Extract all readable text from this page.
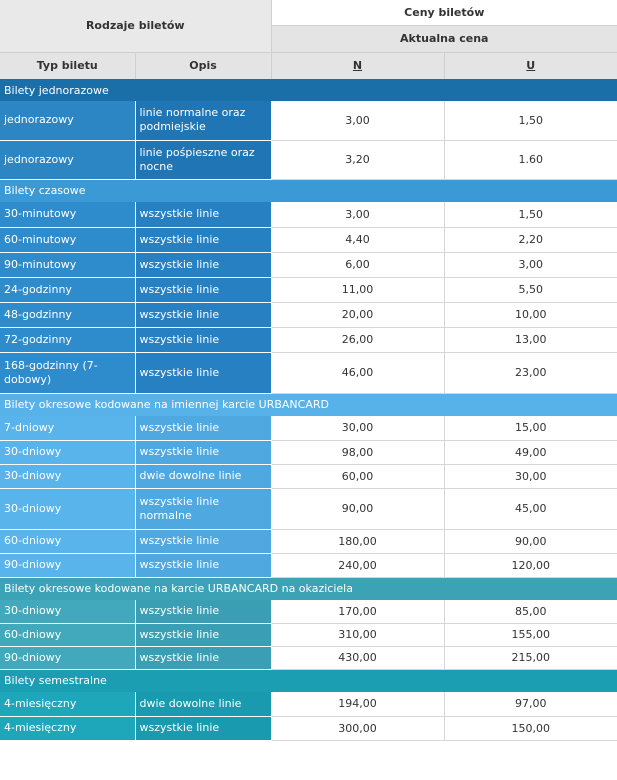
Rodzaje biletów		Ceny biletów	
		Aktualna cena	
Typ biletu	Opis	N	U
Bilety jednorazowe			
jednorazowy	linie normalne oraz podmiejskie	3,00	1,50
jednorazowy	linie pośpieszne oraz nocne	3,20	1.60
Bilety czasowe			
30-minutowy	wszystkie linie	3,00	1,50
60-minutowy	wszystkie linie	4,40	2,20
90-minutowy	wszystkie linie	6,00	3,00
24-godzinny	wszystkie linie	11,00	5,50
48-godzinny	wszystkie linie	20,00	10,00
72-godzinny	wszystkie linie	26,00	13,00
168-godzinny (7-dobowy)	wszystkie linie	46,00	23,00
Bilety okresowe kodowane na imiennej karcie URBANCARD			
7-dniowy	wszystkie linie	30,00	15,00
30-dniowy	wszystkie linie	98,00	49,00
30-dniowy	dwie dowolne linie	60,00	30,00
30-dniowy	wszystkie linie normalne	90,00	45,00
60-dniowy	wszystkie linie	180,00	90,00
90-dniowy	wszystkie linie	240,00	120,00
Bilety okresowe kodowane na karcie URBANCARD na okaziciela			
30-dniowy	wszystkie linie	170,00	85,00
60-dniowy	wszystkie linie	310,00	155,00
90-dniowy	wszystkie linie	430,00	215,00
Bilety semestralne			
4-miesięczny	dwie dowolne linie	194,00	97,00
4-miesięczny	wszystkie linie	300,00	150,00
